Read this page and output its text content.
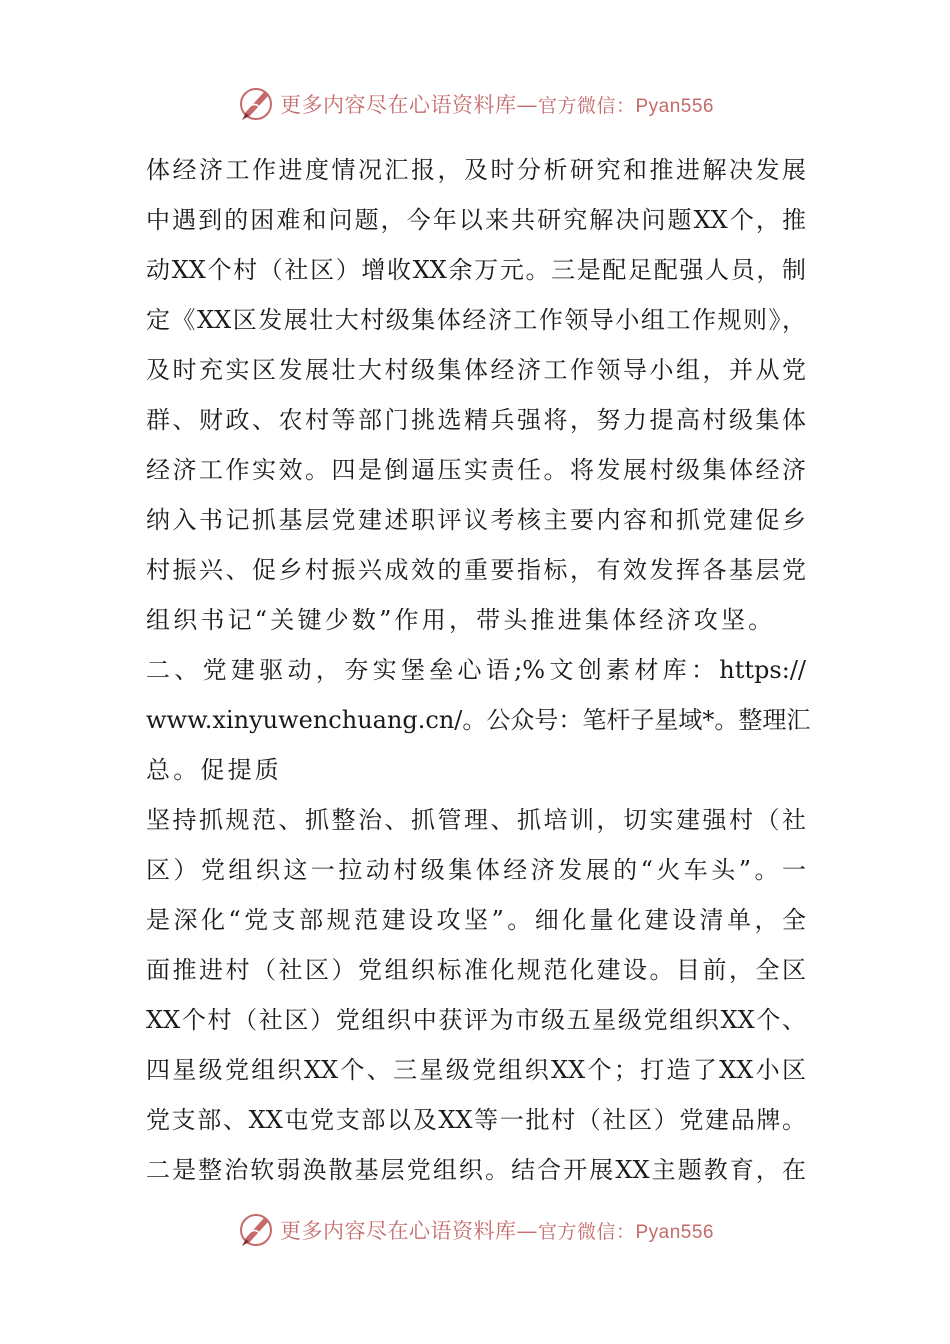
更多内容尽在心语资料库—官方微信：Pyan556
体经济工作进度情况汇报，及时分析研究和推进解决发展
中遇到的困难和问题，今年以来共研究解决问题XX个，推
动XX个村（社区）增收XX余万元。三是配足配强人员，制
定《XX区发展壮大村级集体经济工作领导小组工作规则》，
及时充实区发展壮大村级集体经济工作领导小组，并从党
群、财政、农村等部门挑选精兵强将，努力提高村级集体
经济工作实效。四是倒逼压实责任。将发展村级集体经济
纳入书记抓基层党建述职评议考核主要内容和抓党建促乡
村振兴、促乡村振兴成效的重要指标，有效发挥各基层党
组织书记“关键少数”作用，带头推进集体经济攻坚。
二、党建驱动，夯实堡垒心语;%文创素材库：https://
www.xinyuwenchuang.cn/。公众号：笔杆子星域*。整理汇
总。促提质
坚持抓规范、抓整治、抓管理、抓培训，切实建强村（社
区）党组织这一拉动村级集体经济发展的“火车头”。一
是深化“党支部规范建设攻坚”。细化量化建设清单，全
面推进村（社区）党组织标准化规范化建设。目前，全区
XX个村（社区）党组织中获评为市级五星级党组织XX个、
四星级党组织XX个、三星级党组织XX个；打造了XX小区
党支部、XX屯党支部以及XX等一批村（社区）党建品牌。
二是整治软弱涣散基层党组织。结合开展XX主题教育，在
更多内容尽在心语资料库—官方微信：Pyan556
